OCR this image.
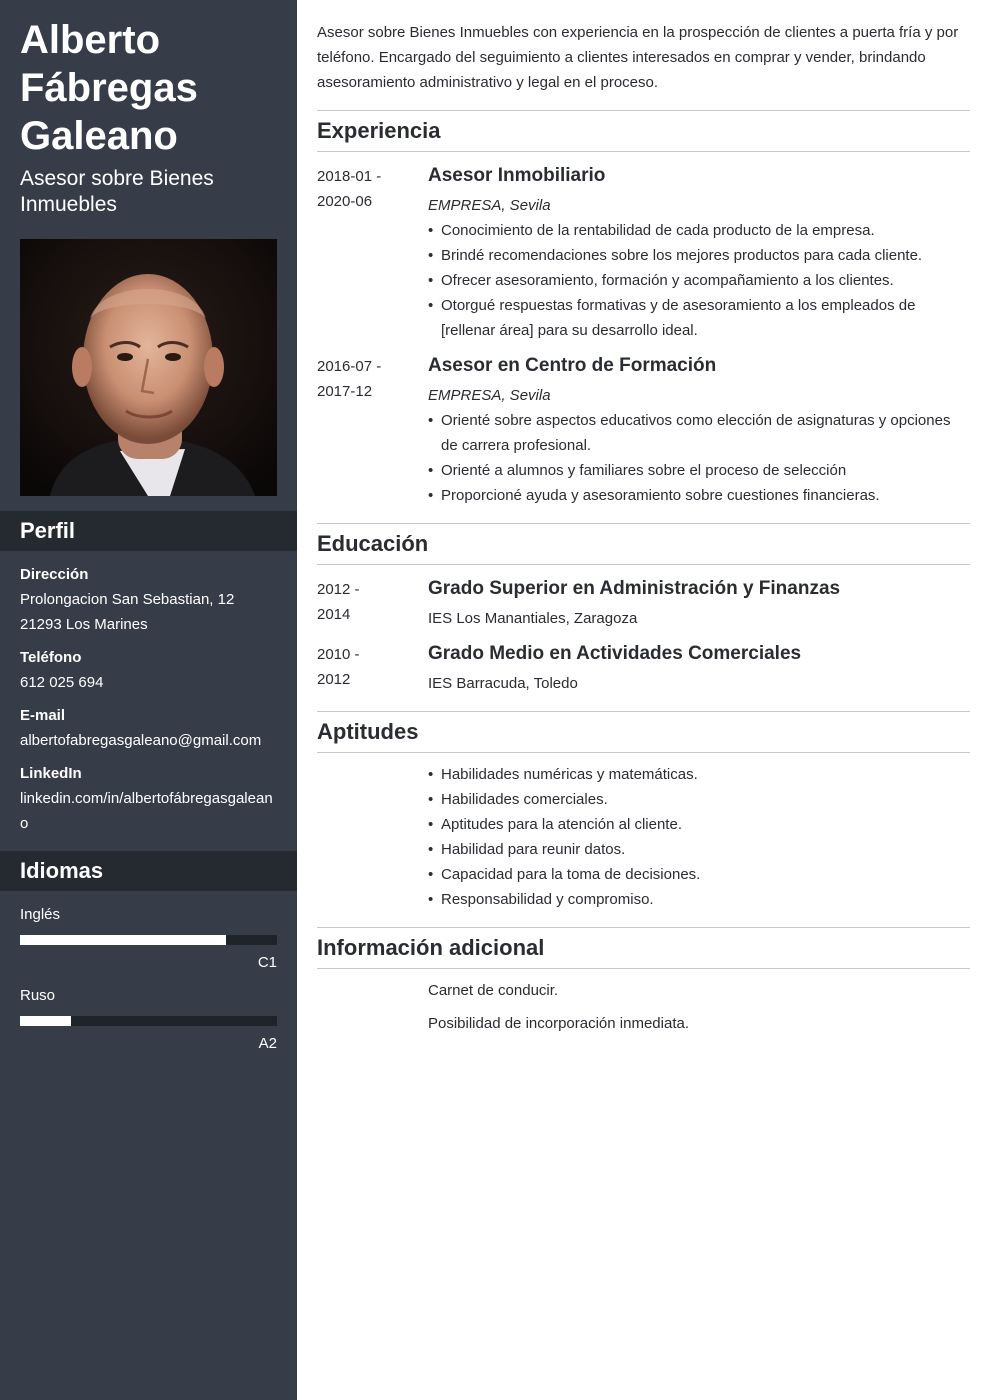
Alberto
Fábregas
Galeano
Asesor sobre Bienes
Inmuebles
Perfil
Dirección
Prolongacion San Sebastian, 12
21293 Los Marines
Teléfono
612 025 694
E-mail
albertofabregasgaleano@gmail.com
LinkedIn
linkedin.com/in/albertofábregasgalean
o
Idiomas
Inglés
C1
Ruso
A2

Asesor sobre Bienes Inmuebles con experiencia en la prospección de clientes a puerta fría y por
teléfono. Encargado del seguimiento a clientes interesados en comprar y vender, brindando
asesoramiento administrativo y legal en el proceso.

Experiencia
2018-01 -
2020-06
Asesor Inmobiliario
EMPRESA, Sevila
• Conocimiento de la rentabilidad de cada producto de la empresa.
• Brindé recomendaciones sobre los mejores productos para cada cliente.
• Ofrecer asesoramiento, formación y acompañamiento a los clientes.
• Otorgué respuestas formativas y de asesoramiento a los empleados de [rellenar área] para su desarrollo ideal.
2016-07 -
2017-12
Asesor en Centro de Formación
EMPRESA, Sevila
• Orienté sobre aspectos educativos como elección de asignaturas y opciones de carrera profesional.
• Orienté a alumnos y familiares sobre el proceso de selección
• Proporcioné ayuda y asesoramiento sobre cuestiones financieras.
Educación
2012 -
2014
Grado Superior en Administración y Finanzas
IES Los Manantiales, Zaragoza
2010 -
2012
Grado Medio en Actividades Comerciales
IES Barracuda, Toledo
Aptitudes
• Habilidades numéricas y matemáticas.
• Habilidades comerciales.
• Aptitudes para la atención al cliente.
• Habilidad para reunir datos.
• Capacidad para la toma de decisiones.
• Responsabilidad y compromiso.
Información adicional
Carnet de conducir.
Posibilidad de incorporación inmediata.
